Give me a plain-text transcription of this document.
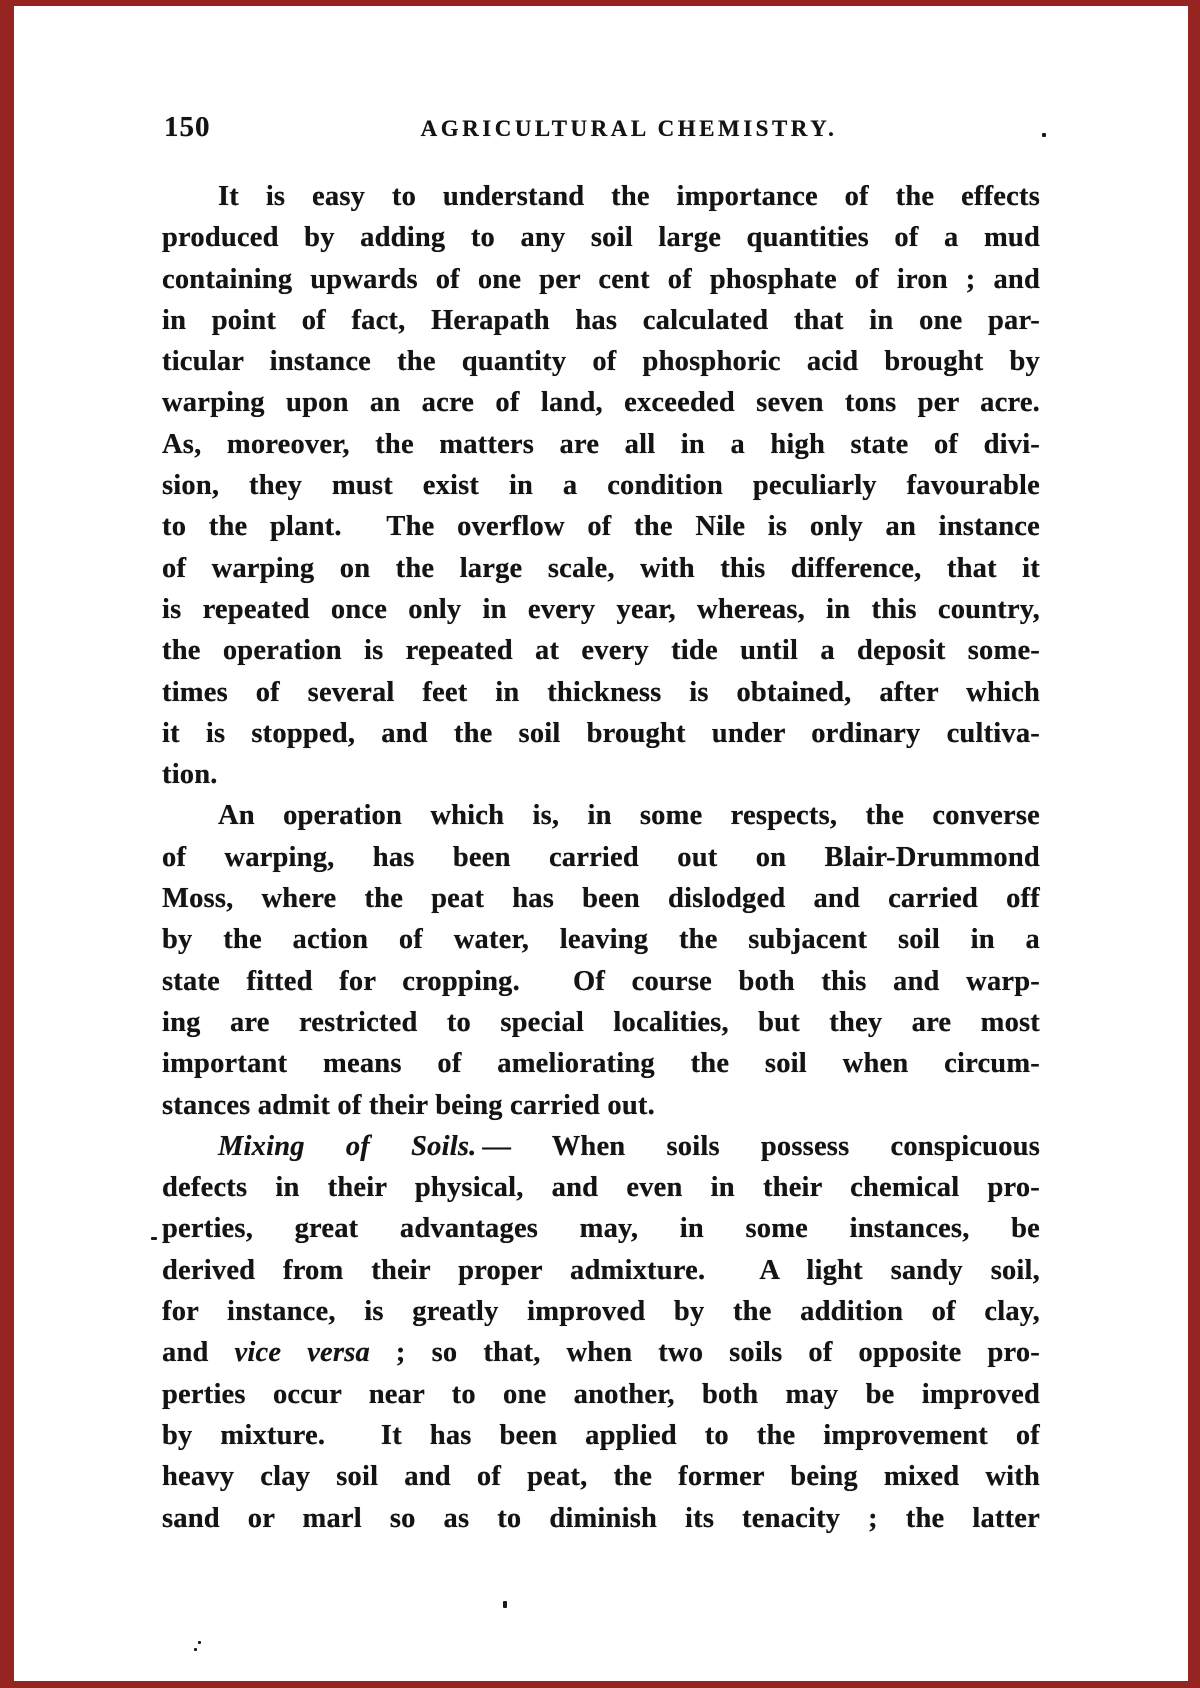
150	AGRICULTURAL CHEMISTRY.
It is easy to understand the importance of the effects
produced by adding to any soil large quantities of a mud
containing upwards of one per cent of phosphate of iron ; and
in point of fact, Herapath has calculated that in one par-
ticular instance the quantity of phosphoric acid brought by
warping upon an acre of land, exceeded seven tons per acre.
As, moreover, the matters are all in a high state of divi-
sion, they must exist in a condition peculiarly favourable
to the plant.  The overflow of the Nile is only an instance
of warping on the large scale, with this difference, that it
is repeated once only in every year, whereas, in this country,
the operation is repeated at every tide until a deposit some-
times of several feet in thickness is obtained, after which
it is stopped, and the soil brought under ordinary cultiva-
tion.
An operation which is, in some respects, the converse
of warping, has been carried out on Blair-Drummond
Moss, where the peat has been dislodged and carried off
by the action of water, leaving the subjacent soil in a
state fitted for cropping.  Of course both this and warp-
ing are restricted to special localities, but they are most
important means of ameliorating the soil when circum-
stances admit of their being carried out.
Mixing of Soils. — When soils possess conspicuous
defects in their physical, and even in their chemical pro-
perties, great advantages may, in some instances, be
derived from their proper admixture.  A light sandy soil,
for instance, is greatly improved by the addition of clay,
and vice versa ; so that, when two soils of opposite pro-
perties occur near to one another, both may be improved
by mixture.  It has been applied to the improvement of
heavy clay soil and of peat, the former being mixed with
sand or marl so as to diminish its tenacity ; the latter
